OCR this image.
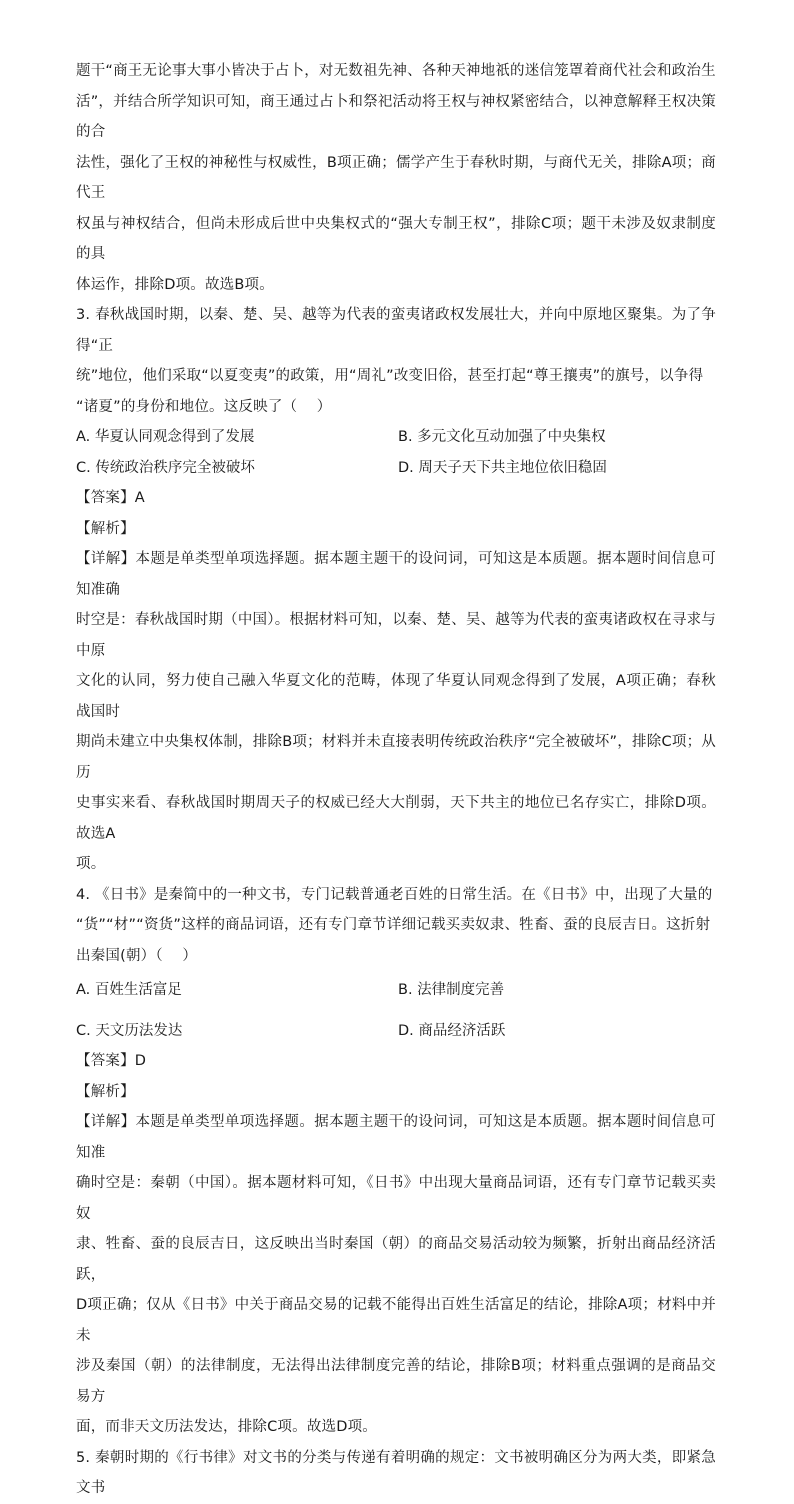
题干“商王无论事大事小皆决于占卜，对无数祖先神、各种天神地祇的迷信笼罩着商代社会和政治生

活”，并结合所学知识可知，商王通过占卜和祭祀活动将王权与神权紧密结合，以神意解释王权决策的合

法性，强化了王权的神秘性与权威性，B项正确；儒学产生于春秋时期，与商代无关，排除A项；商代王

权虽与神权结合，但尚未形成后世中央集权式的“强大专制王权”，排除C项；题干未涉及奴隶制度的具

体运作，排除D项。故选B项。

3. 春秋战国时期，以秦、楚、吴、越等为代表的蛮夷诸政权发展壮大，并向中原地区聚集。为了争得“正

统”地位，他们采取“以夏变夷”的政策，用“周礼”改变旧俗，甚至打起“尊王攘夷”的旗号，以争得

“诸夏”的身份和地位。这反映了（　 ）

A. 华夏认同观念得到了发展	B. 多元文化互动加强了中央集权
C. 传统政治秩序完全被破坏	D. 周天子天下共主地位依旧稳固

【答案】A

【解析】

【详解】本题是单类型单项选择题。据本题主题干的设问词，可知这是本质题。据本题时间信息可知准确

时空是：春秋战国时期（中国）。根据材料可知，以秦、楚、吴、越等为代表的蛮夷诸政权在寻求与中原

文化的认同，努力使自己融入华夏文化的范畴，体现了华夏认同观念得到了发展，A项正确；春秋战国时

期尚未建立中央集权体制，排除B项；材料并未直接表明传统政治秩序“完全被破坏”，排除C项；从历

史事实来看、春秋战国时期周天子的权威已经大大削弱，天下共主的地位已名存实亡，排除D项。故选A

项。

4. 《日书》是秦简中的一种文书，专门记载普通老百姓的日常生活。在《日书》中，出现了大量的

“货”“材”“资货”这样的商品词语，还有专门章节详细记载买卖奴隶、牲畜、蚕的良辰吉日。这折射

出秦国(朝）（　 ）

A. 百姓生活富足	B. 法律制度完善
C. 天文历法发达	D. 商品经济活跃

【答案】D

【解析】

【详解】本题是单类型单项选择题。据本题主题干的设问词，可知这是本质题。据本题时间信息可知准

确时空是：秦朝（中国）。据本题材料可知，《日书》中出现大量商品词语，还有专门章节记载买卖奴

隶、牲畜、蚕的良辰吉日，这反映出当时秦国（朝）的商品交易活动较为频繁，折射出商品经济活跃，

D项正确；仅从《日书》中关于商品交易的记载不能得出百姓生活富足的结论，排除A项；材料中并未

涉及秦国（朝）的法律制度，无法得出法律制度完善的结论，排除B项；材料重点强调的是商品交易方

面，而非天文历法发达，排除C项。故选D项。

5. 秦朝时期的《行书律》对文书的分类与传递有着明确的规定：文书被明确区分为两大类，即紧急文书
